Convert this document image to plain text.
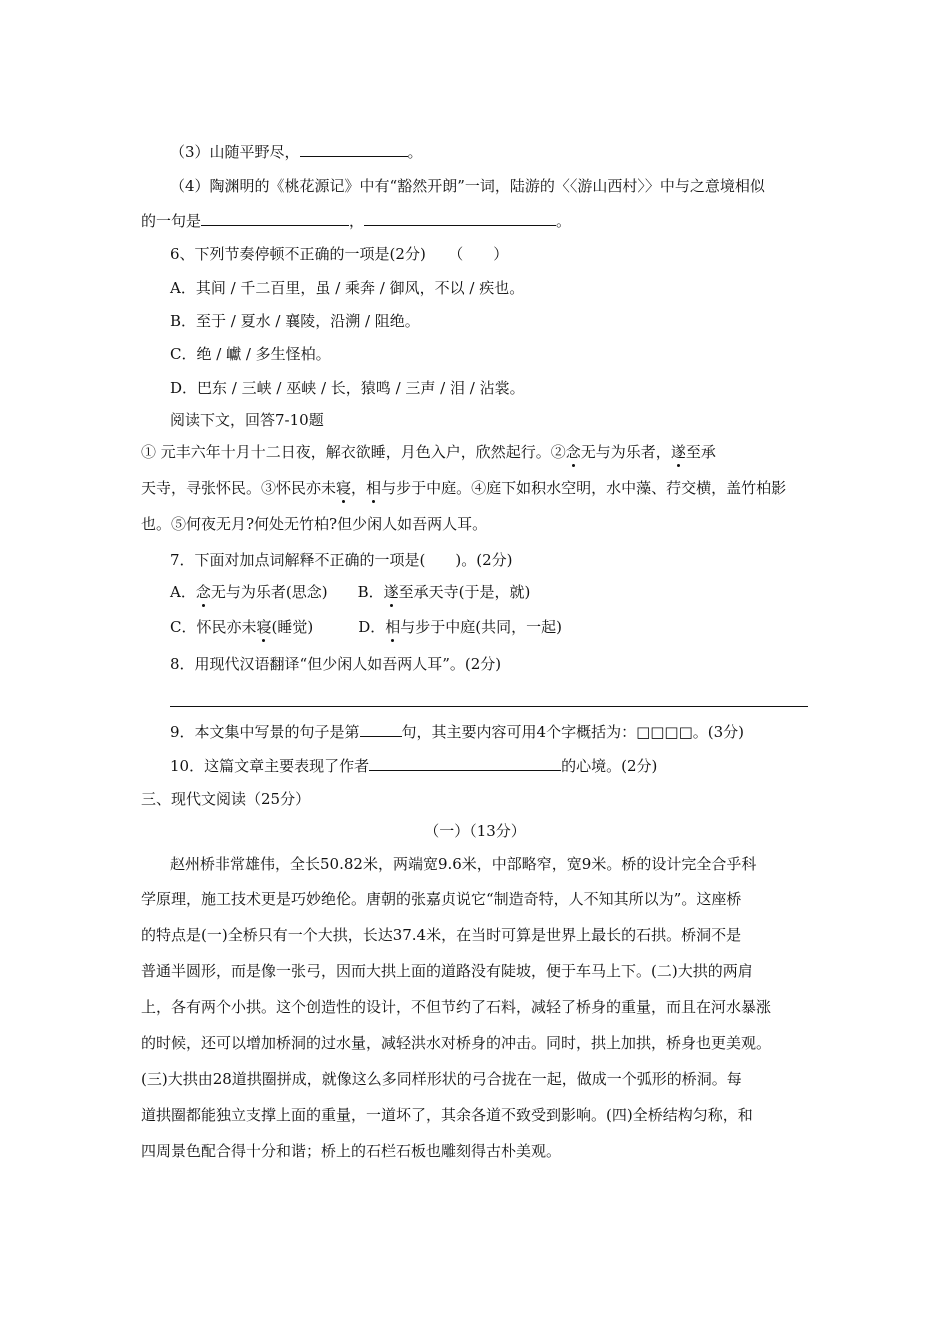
（3）山随平野尽，	。
（4）陶渊明的《桃花源记》中有“豁然开朗”一词，陆游的〈〈游山西村〉〉中与之意境相似
的一句是	，	。
6、下列节奏停顿不正确的一项是(2分)　　（　　）
A．其间 / 千二百里，虽 / 乘奔 / 御风，不以 / 疾也。
B．至于 / 夏水 / 襄陵，沿溯 / 阻绝。
C．绝 / 巘 / 多生怪柏。
D．巴东 / 三峡 / 巫峡 / 长，猿鸣 / 三声 / 泪 / 沾裳。
阅读下文，回答7-10题
① 元丰六年十月十二日夜，解衣欲睡，月色入户，欣然起行。②念无与为乐者，遂至承
天寺，寻张怀民。③怀民亦未寝，相与步于中庭。④庭下如积水空明，水中藻、荇交横，盖竹柏影
也。⑤何夜无月?何处无竹柏?但少闲人如吾两人耳。
7．下面对加点词解释不正确的一项是(　　)。(2分)
A．念无与为乐者(思念)　　B．遂至承天寺(于是，就)
C．怀民亦未寝(睡觉)　　　D．相与步于中庭(共同，一起)
8．用现代汉语翻译“但少闲人如吾两人耳”。(2分)
9．本文集中写景的句子是第	句，其主要内容可用4个字概括为：□□□□。(3分)
10．这篇文章主要表现了作者	的心境。(2分)
三、现代文阅读（25分）
（一）（13分）
赵州桥非常雄伟，全长50.82米，两端宽9.6米，中部略窄，宽9米。桥的设计完全合乎科
学原理，施工技术更是巧妙绝伦。唐朝的张嘉贞说它“制造奇特，人不知其所以为”。这座桥
的特点是(一)全桥只有一个大拱，长达37.4米，在当时可算是世界上最长的石拱。桥洞不是
普通半圆形，而是像一张弓，因而大拱上面的道路没有陡坡，便于车马上下。(二)大拱的两肩
上，各有两个小拱。这个创造性的设计，不但节约了石料，减轻了桥身的重量，而且在河水暴涨
的时候，还可以增加桥洞的过水量，减轻洪水对桥身的冲击。同时，拱上加拱，桥身也更美观。
(三)大拱由28道拱圈拼成，就像这么多同样形状的弓合拢在一起，做成一个弧形的桥洞。每
道拱圈都能独立支撑上面的重量，一道坏了，其余各道不致受到影响。(四)全桥结构匀称，和
四周景色配合得十分和谐；桥上的石栏石板也雕刻得古朴美观。
